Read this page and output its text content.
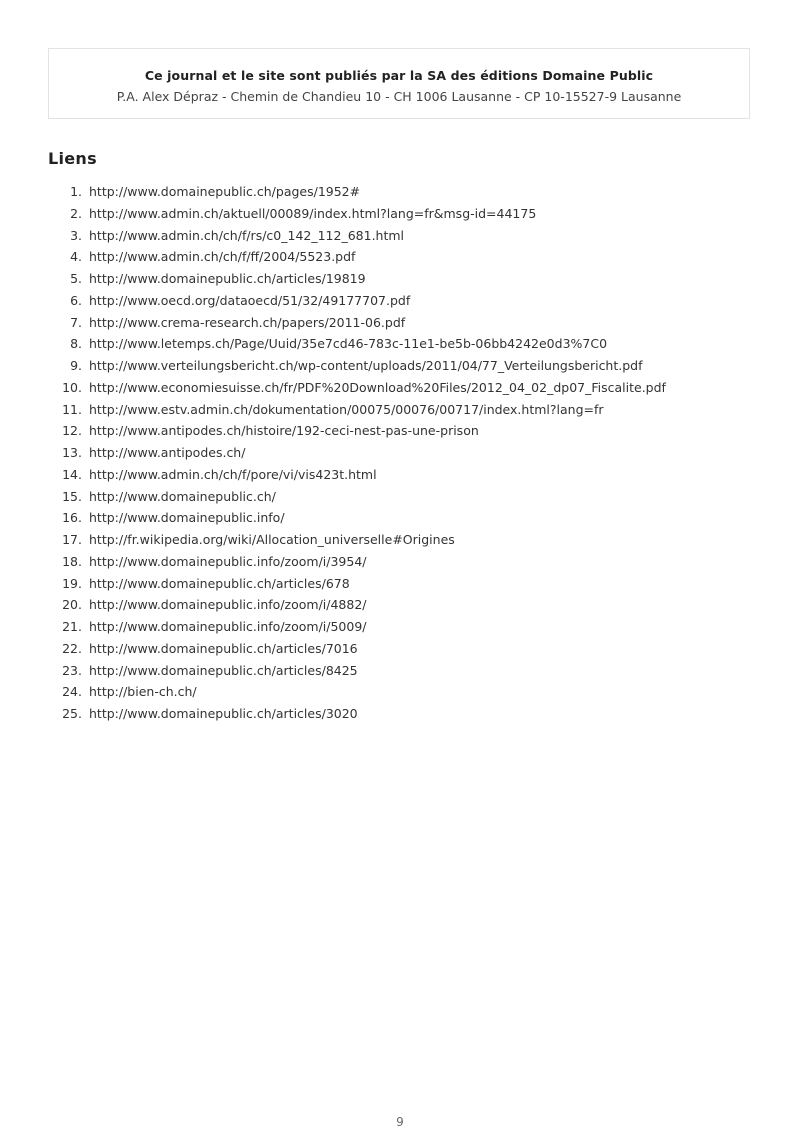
Ce journal et le site sont publiés par la SA des éditions Domaine Public
P.A. Alex Dépraz - Chemin de Chandieu 10 - CH 1006 Lausanne - CP 10-15527-9 Lausanne
Liens
1. http://www.domainepublic.ch/pages/1952#
2. http://www.admin.ch/aktuell/00089/index.html?lang=fr&msg-id=44175
3. http://www.admin.ch/ch/f/rs/c0_142_112_681.html
4. http://www.admin.ch/ch/f/ff/2004/5523.pdf
5. http://www.domainepublic.ch/articles/19819
6. http://www.oecd.org/dataoecd/51/32/49177707.pdf
7. http://www.crema-research.ch/papers/2011-06.pdf
8. http://www.letemps.ch/Page/Uuid/35e7cd46-783c-11e1-be5b-06bb4242e0d3%7C0
9. http://www.verteilungsbericht.ch/wp-content/uploads/2011/04/77_Verteilungsbericht.pdf
10. http://www.economiesuisse.ch/fr/PDF%20Download%20Files/2012_04_02_dp07_Fiscalite.pdf
11. http://www.estv.admin.ch/dokumentation/00075/00076/00717/index.html?lang=fr
12. http://www.antipodes.ch/histoire/192-ceci-nest-pas-une-prison
13. http://www.antipodes.ch/
14. http://www.admin.ch/ch/f/pore/vi/vis423t.html
15. http://www.domainepublic.ch/
16. http://www.domainepublic.info/
17. http://fr.wikipedia.org/wiki/Allocation_universelle#Origines
18. http://www.domainepublic.info/zoom/i/3954/
19. http://www.domainepublic.ch/articles/678
20. http://www.domainepublic.info/zoom/i/4882/
21. http://www.domainepublic.info/zoom/i/5009/
22. http://www.domainepublic.ch/articles/7016
23. http://www.domainepublic.ch/articles/8425
24. http://bien-ch.ch/
25. http://www.domainepublic.ch/articles/3020
9
